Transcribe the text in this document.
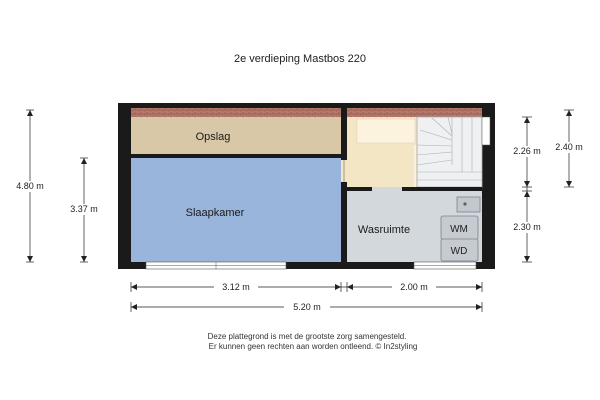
2e verdieping Mastbos 220
Opslag
Slaapkamer
Wasruimte	WM
WD
4.80 m
3.37 m
3.12 m	2.00 m
5.20 m
2.26 m
2.30 m
2.40 m
Deze plattegrond is met de grootste zorg samengesteld.
Er kunnen geen rechten aan worden ontleend. © In2styling
